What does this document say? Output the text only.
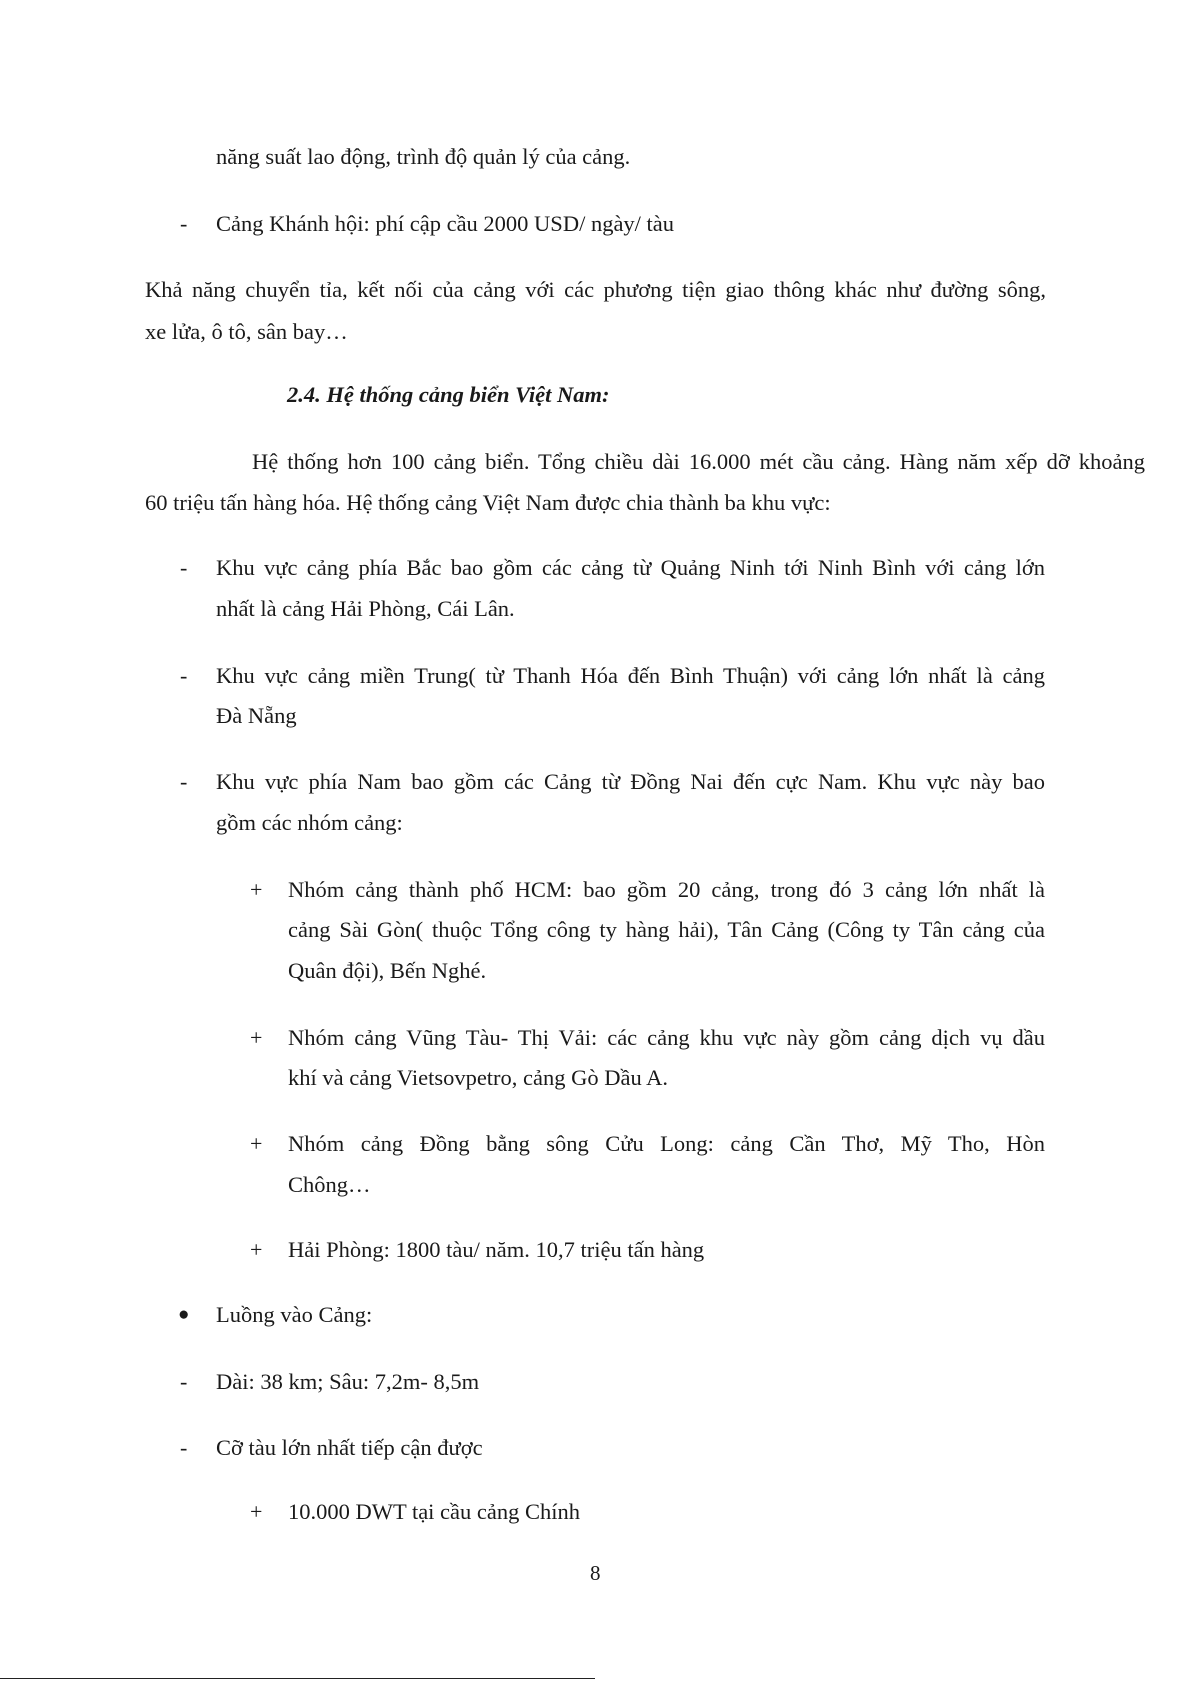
năng suất lao động, trình độ quản lý của cảng.
- Cảng Khánh hội: phí cập cầu 2000 USD/ ngày/ tàu
Khả năng chuyển tỉa, kết nối của cảng với các phương tiện giao thông khác như đường sông,
xe lửa, ô tô, sân bay…
2.4. Hệ thống cảng biển Việt Nam:
Hệ thống hơn 100 cảng biển. Tổng chiều dài 16.000 mét cầu cảng. Hàng năm xếp dỡ khoảng
60 triệu tấn hàng hóa. Hệ thống cảng Việt Nam được chia thành ba khu vực:
- Khu vực cảng phía Bắc bao gồm các cảng từ Quảng Ninh tới Ninh Bình với cảng lớn
nhất là cảng Hải Phòng, Cái Lân.
- Khu vực cảng miền Trung( từ Thanh Hóa đến Bình Thuận) với cảng lớn nhất là cảng
Đà Nẵng
- Khu vực phía Nam bao gồm các Cảng từ Đồng Nai đến cực Nam. Khu vực này bao
gồm các nhóm cảng:
+ Nhóm cảng thành phố HCM: bao gồm 20 cảng, trong đó 3 cảng lớn nhất là
cảng Sài Gòn( thuộc Tổng công ty hàng hải), Tân Cảng (Công ty Tân cảng của
Quân đội), Bến Nghé.
+ Nhóm cảng Vũng Tàu- Thị Vải: các cảng khu vực này gồm cảng dịch vụ dầu
khí và cảng Vietsovpetro, cảng Gò Dầu A.
+ Nhóm cảng Đồng bằng sông Cửu Long: cảng Cần Thơ, Mỹ Tho, Hòn
Chông…
+ Hải Phòng: 1800 tàu/ năm. 10,7 triệu tấn hàng
● Luồng vào Cảng:
- Dài: 38 km; Sâu: 7,2m- 8,5m
- Cỡ tàu lớn nhất tiếp cận được
+ 10.000 DWT tại cầu cảng Chính
8
